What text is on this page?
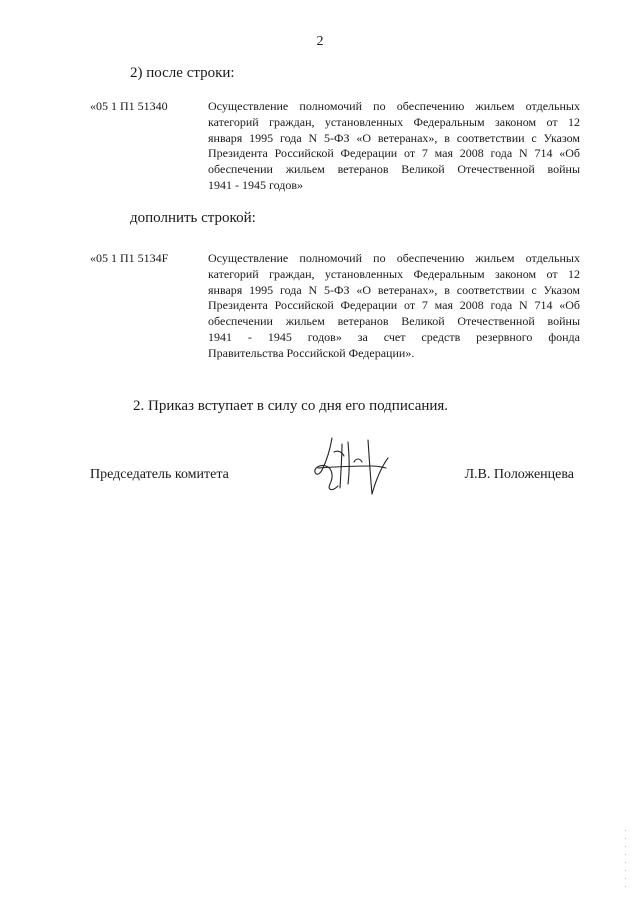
2
2) после строки:
«05 1 П1 51340	Осуществление полномочий по обеспечению жильем отдельных
категорий граждан, установленных Федеральным законом от 12
января 1995 года N 5-ФЗ «О ветеранах», в соответствии с Указом
Президента Российской Федерации от 7 мая 2008 года N 714 «Об
обеспечении жильем ветеранов Великой Отечественной войны
1941 - 1945 годов»
дополнить строкой:
«05 1 П1 5134F	Осуществление полномочий по обеспечению жильем отдельных
категорий граждан, установленных Федеральным законом от 12
января 1995 года N 5-ФЗ «О ветеранах», в соответствии с Указом
Президента Российской Федерации от 7 мая 2008 года N 714 «Об
обеспечении жильем ветеранов Великой Отечественной войны
1941 - 1945 годов» за счет средств резервного фонда
Правительства Российской Федерации».
2. Приказ вступает в силу со дня его подписания.
Председатель комитета	Л.В. Положенцева
